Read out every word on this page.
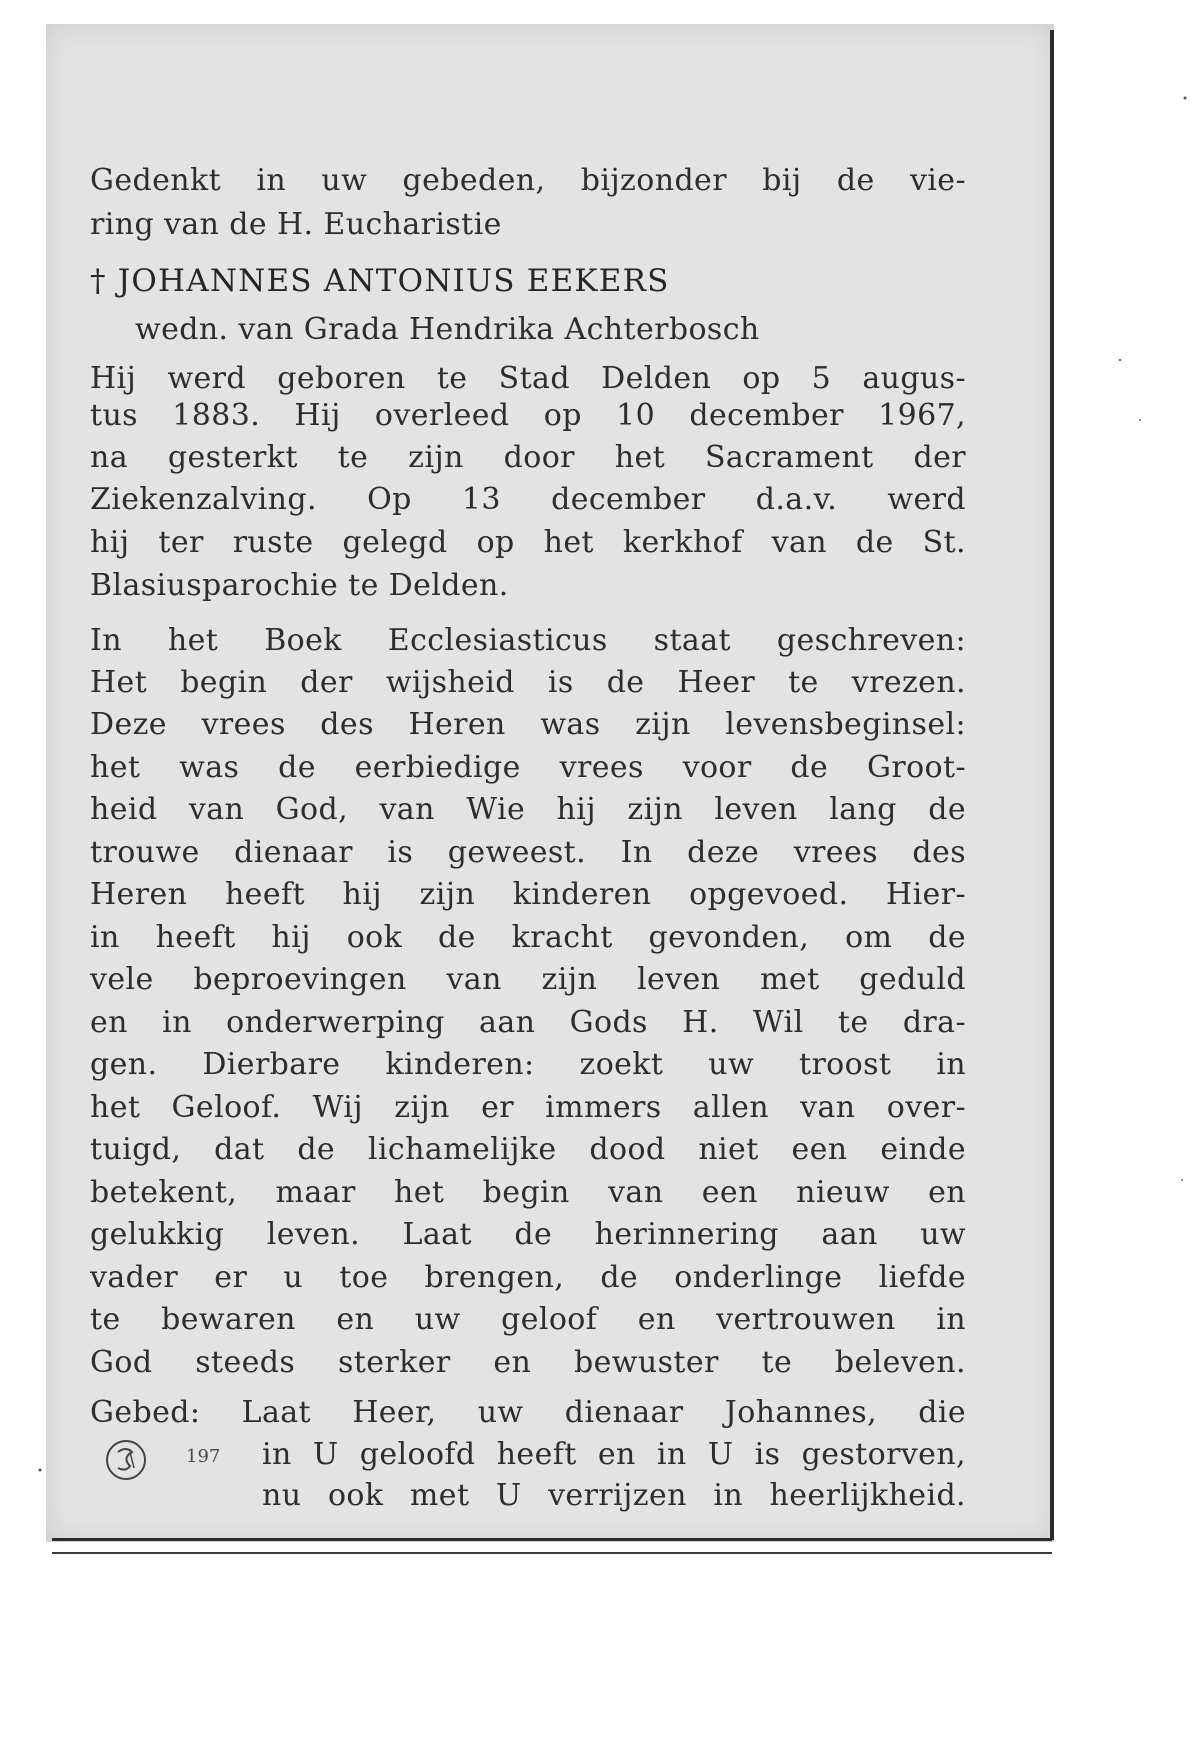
Gedenkt in uw gebeden, bijzonder bij de vie-
ring van de H. Eucharistie
† JOHANNES ANTONIUS EEKERS
wedn. van Grada Hendrika Achterbosch
Hij werd geboren te Stad Delden op 5 augus-
tus 1883. Hij overleed op 10 december 1967,
na gesterkt te zijn door het Sacrament der
Ziekenzalving. Op 13 december d.a.v. werd
hij ter ruste gelegd op het kerkhof van de St.
Blasiusparochie te Delden.
In het Boek Ecclesiasticus staat geschreven:
Het begin der wijsheid is de Heer te vrezen.
Deze vrees des Heren was zijn levensbeginsel:
het was de eerbiedige vrees voor de Groot-
heid van God, van Wie hij zijn leven lang de
trouwe dienaar is geweest. In deze vrees des
Heren heeft hij zijn kinderen opgevoed. Hier-
in heeft hij ook de kracht gevonden, om de
vele beproevingen van zijn leven met geduld
en in onderwerping aan Gods H. Wil te dra-
gen. Dierbare kinderen: zoekt uw troost in
het Geloof. Wij zijn er immers allen van over-
tuigd, dat de lichamelijke dood niet een einde
betekent, maar het begin van een nieuw en
gelukkig leven. Laat de herinnering aan uw
vader er u toe brengen, de onderlinge liefde
te bewaren en uw geloof en vertrouwen in
God steeds sterker en bewuster te beleven.
Gebed: Laat Heer, uw dienaar Johannes, die
in U geloofd heeft en in U is gestorven,
nu ook met U verrijzen in heerlijkheid.
197
